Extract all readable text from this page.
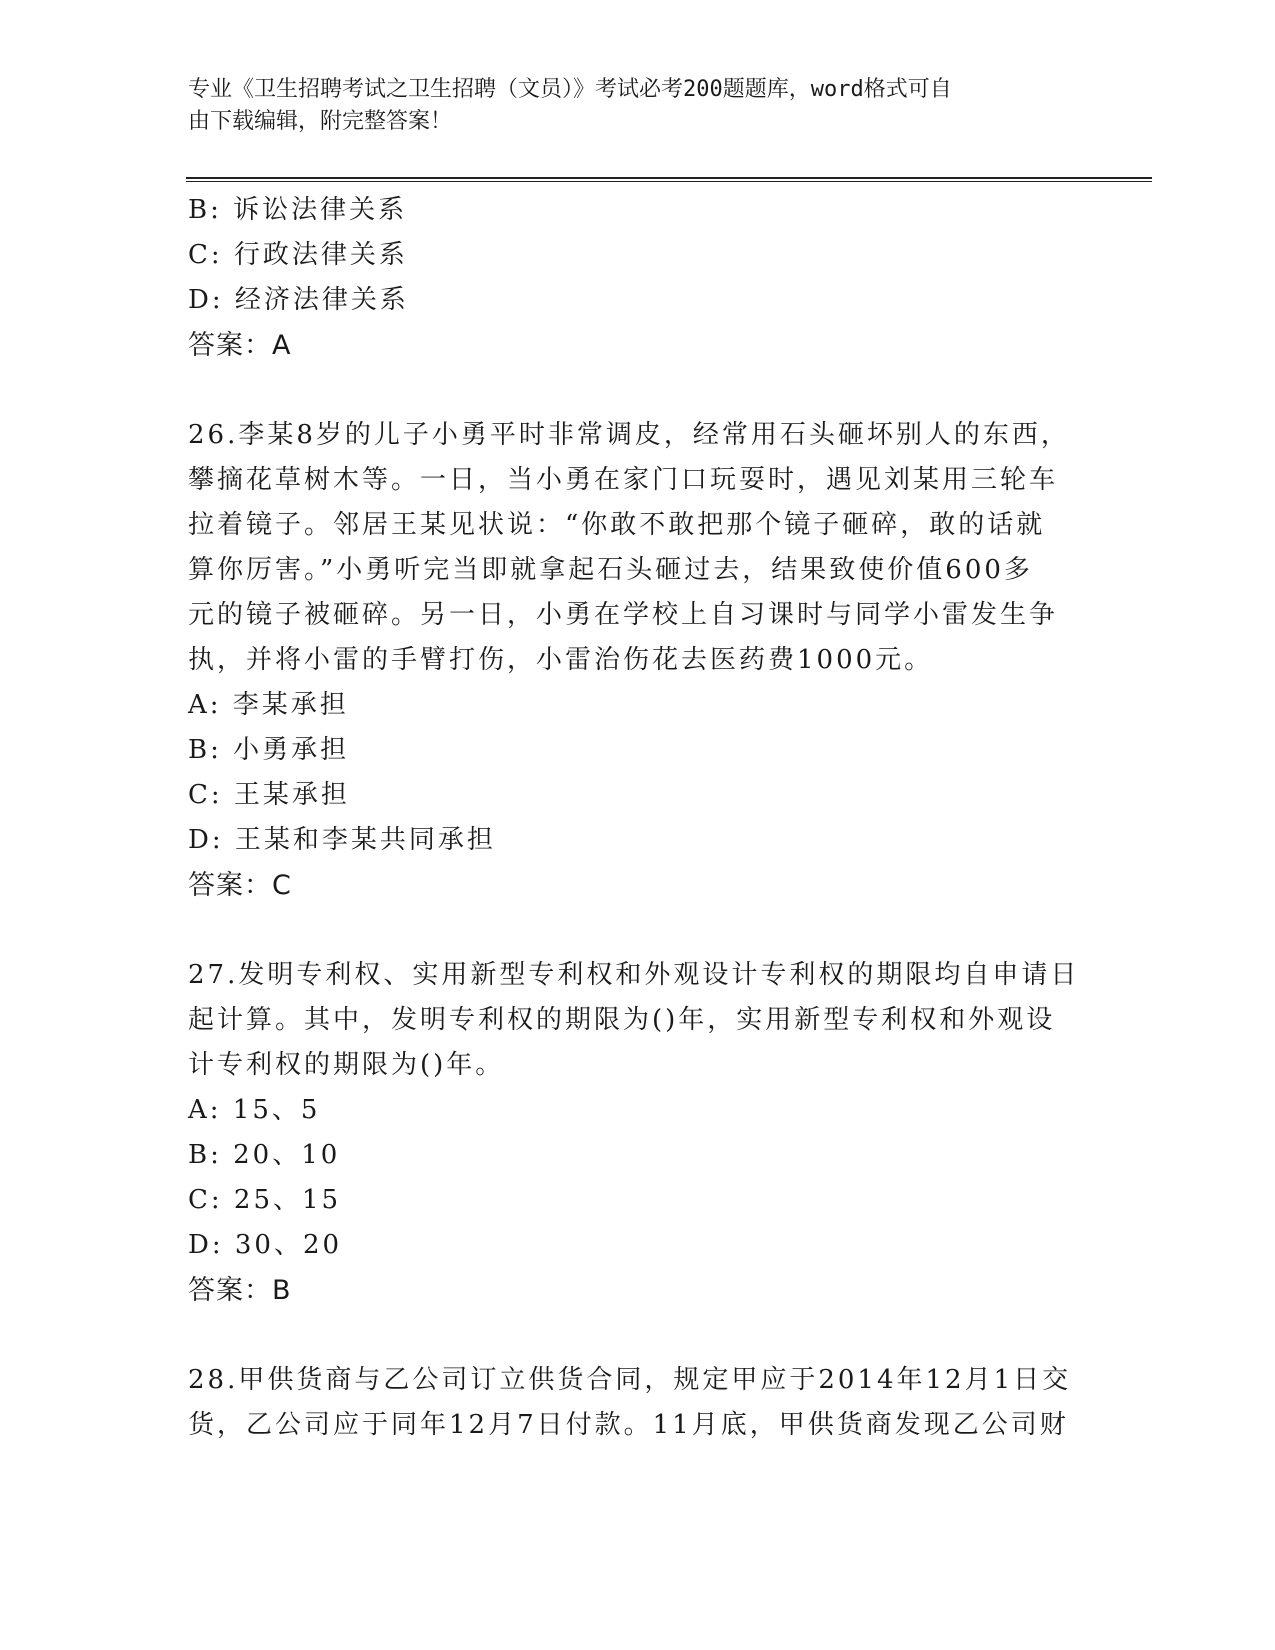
专业《卫生招聘考试之卫生招聘（文员）》考试必考200题题库，word格式可自
由下载编辑，附完整答案！
B: 诉讼法律关系
C: 行政法律关系
D: 经济法律关系
答案：A
26.李某8岁的儿子小勇平时非常调皮，经常用石头砸坏别人的东西，
攀摘花草树木等。一日，当小勇在家门口玩耍时，遇见刘某用三轮车
拉着镜子。邻居王某见状说：“你敢不敢把那个镜子砸碎，敢的话就
算你厉害。”小勇听完当即就拿起石头砸过去，结果致使价值600多
元的镜子被砸碎。另一日，小勇在学校上自习课时与同学小雷发生争
执，并将小雷的手臂打伤，小雷治伤花去医药费1000元。
A: 李某承担
B: 小勇承担
C: 王某承担
D: 王某和李某共同承担
答案：C
27.发明专利权、实用新型专利权和外观设计专利权的期限均自申请日
起计算。其中，发明专利权的期限为()年，实用新型专利权和外观设
计专利权的期限为()年。
A: 15、5
B: 20、10
C: 25、15
D: 30、20
答案：B
28.甲供货商与乙公司订立供货合同，规定甲应于2014年12月1日交
货，乙公司应于同年12月7日付款。11月底，甲供货商发现乙公司财
